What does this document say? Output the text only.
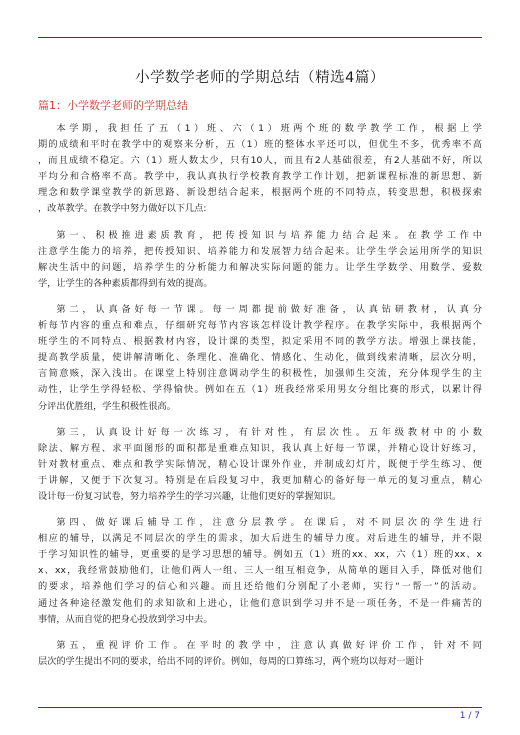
小学数学老师的学期总结（精选4篇）
篇1：小学数学老师的学期总结

本学期，我担任了五（1）班、六（1）班两个班的数学教学工作，根据上学
期的成绩和平时在教学中的观察来分析，五（1）班的整体水平还可以，但优生不多，优秀率不高
，而且成绩不稳定。六（1）班人数太少，只有10人，而且有2人基础很差，有2人基础不好，所以
平均分和合格率不高。教学中，我认真执行学校教育教学工作计划，把新课程标准的新思想、新
理念和数学课堂教学的新思路、新设想结合起来，根据两个班的不同特点，转变思想，积极探索
，改革教学。在教学中努力做好以下几点:

第一、积极推进素质教育，把传授知识与培养能力结合起来。在教学工作中
注意学生能力的培养，把传授知识、培养能力和发展智力结合起来。让学生学会运用所学的知识
解决生活中的问题，培养学生的分析能力和解决实际问题的能力。让学生学数学、用数学、爱数
学，让学生的各种素质都得到有效的提高。

第二，认真备好每一节课。每一周都提前做好准备，认真钻研教材，认真分
析每节内容的重点和难点，仔细研究每节内容该怎样设计教学程序。在教学实际中，我根据两个
班学生的不同特点、根据教材内容，设计课的类型，拟定采用不同的教学方法。增强上课技能，
提高教学质量，使讲解清晰化、条理化、准确化、情感化、生动化，做到线索清晰，层次分明，
言简意赅，深入浅出。在课堂上特别注意调动学生的积极性，加强师生交流，充分体现学生的主
动性，让学生学得轻松、学得愉快。例如在五（1）班我经常采用男女分组比赛的形式，以累计得
分评出优胜组，学生积极性很高。

第三，认真设计好每一次练习，有针对性，有层次性。五年级教材中的小数
除法、解方程、求平面图形的面积都是重难点知识，我认真上好每一节课，并精心设计好练习，
针对教材重点、难点和教学实际情况，精心设计课外作业，并制成幻灯片，既便于学生练习、便
于讲解，又便于下次复习。特别是在后段复习中，我更加精心的备好每一单元的复习重点，精心
设计每一份复习试卷，努力培养学生的学习兴趣，让他们更好的掌握知识。

第四、做好课后辅导工作，注意分层教学。在课后，对不同层次的学生进行
相应的辅导，以满足不同层次的学生的需求，加大后进生的辅导力度。对后进生的辅导，并不限
于学习知识性的辅导，更重要的是学习思想的辅导。例如五（1）班的xx、xx，六（1）班的xx、x
x、xx，我经常鼓励他们，让他们两人一组、三人一组互相竞争，从简单的题目入手，降低对他们
的要求，培养他们学习的信心和兴趣。而且还给他们分别配了小老师，实行“一帮一”的活动。
通过各种途径激发他们的求知欲和上进心，让他们意识到学习并不是一项任务，不是一件痛苦的
事情，从而自觉的把身心投放到学习中去。

第五，重视评价工作。在平时的教学中，注意认真做好评价工作，针对不同
层次的学生提出不同的要求，给出不同的评价。例如，每周的口算练习，两个班均以每对一题计

1 / 7
